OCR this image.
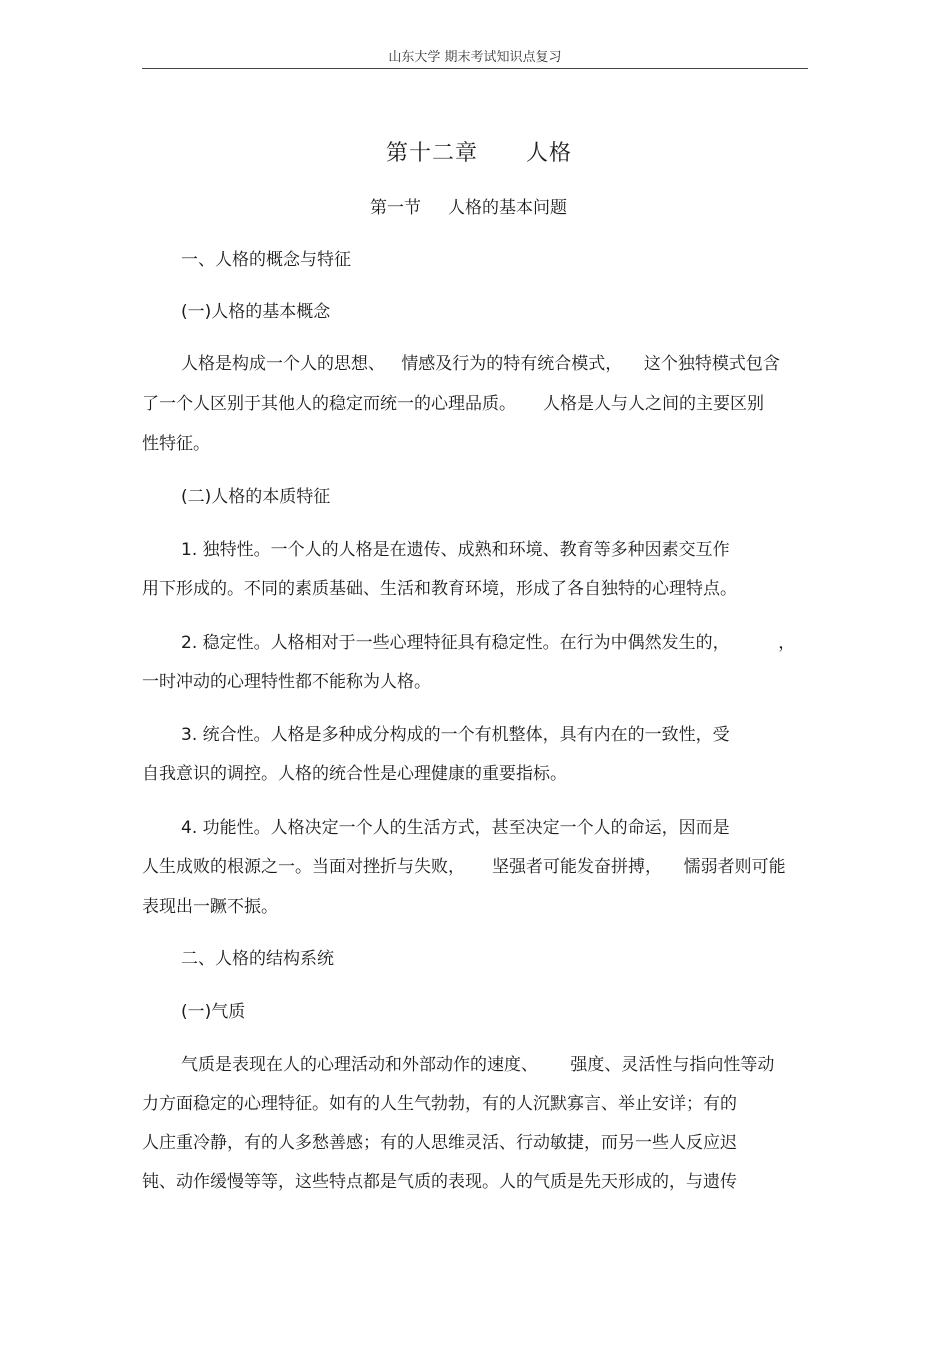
山东大学 期末考试知识点复习
第十二章      人格
第一节     人格的基本问题
一、人格的概念与特征
(一)人格的基本概念
人格是构成一个人的思想、   情感及行为的特有统合模式，    这个独特模式包含
了一个人区别于其他人的稳定而统一的心理品质。     人格是人与人之间的主要区别
性特征。
(二)人格的本质特征
1. 独特性。一个人的人格是在遗传、成熟和环境、教育等多种因素交互作
用下形成的。不同的素质基础、生活和教育环境，形成了各自独特的心理特点。
2. 稳定性。人格相对于一些心理特征具有稳定性。在行为中偶然发生的，         ，
一时冲动的心理特性都不能称为人格。
3. 统合性。人格是多种成分构成的一个有机整体，具有内在的一致性，受
自我意识的调控。人格的统合性是心理健康的重要指标。
4. 功能性。人格决定一个人的生活方式，甚至决定一个人的命运，因而是
人生成败的根源之一。当面对挫折与失败，     坚强者可能发奋拼搏，    懦弱者则可能
表现出一蹶不振。
二、人格的结构系统
(一)气质
气质是表现在人的心理活动和外部动作的速度、      强度、灵活性与指向性等动
力方面稳定的心理特征。如有的人生气勃勃，有的人沉默寡言、举止安详；有的
人庄重冷静，有的人多愁善感；有的人思维灵活、行动敏捷，而另一些人反应迟
钝、动作缓慢等等，这些特点都是气质的表现。人的气质是先天形成的，与遗传
